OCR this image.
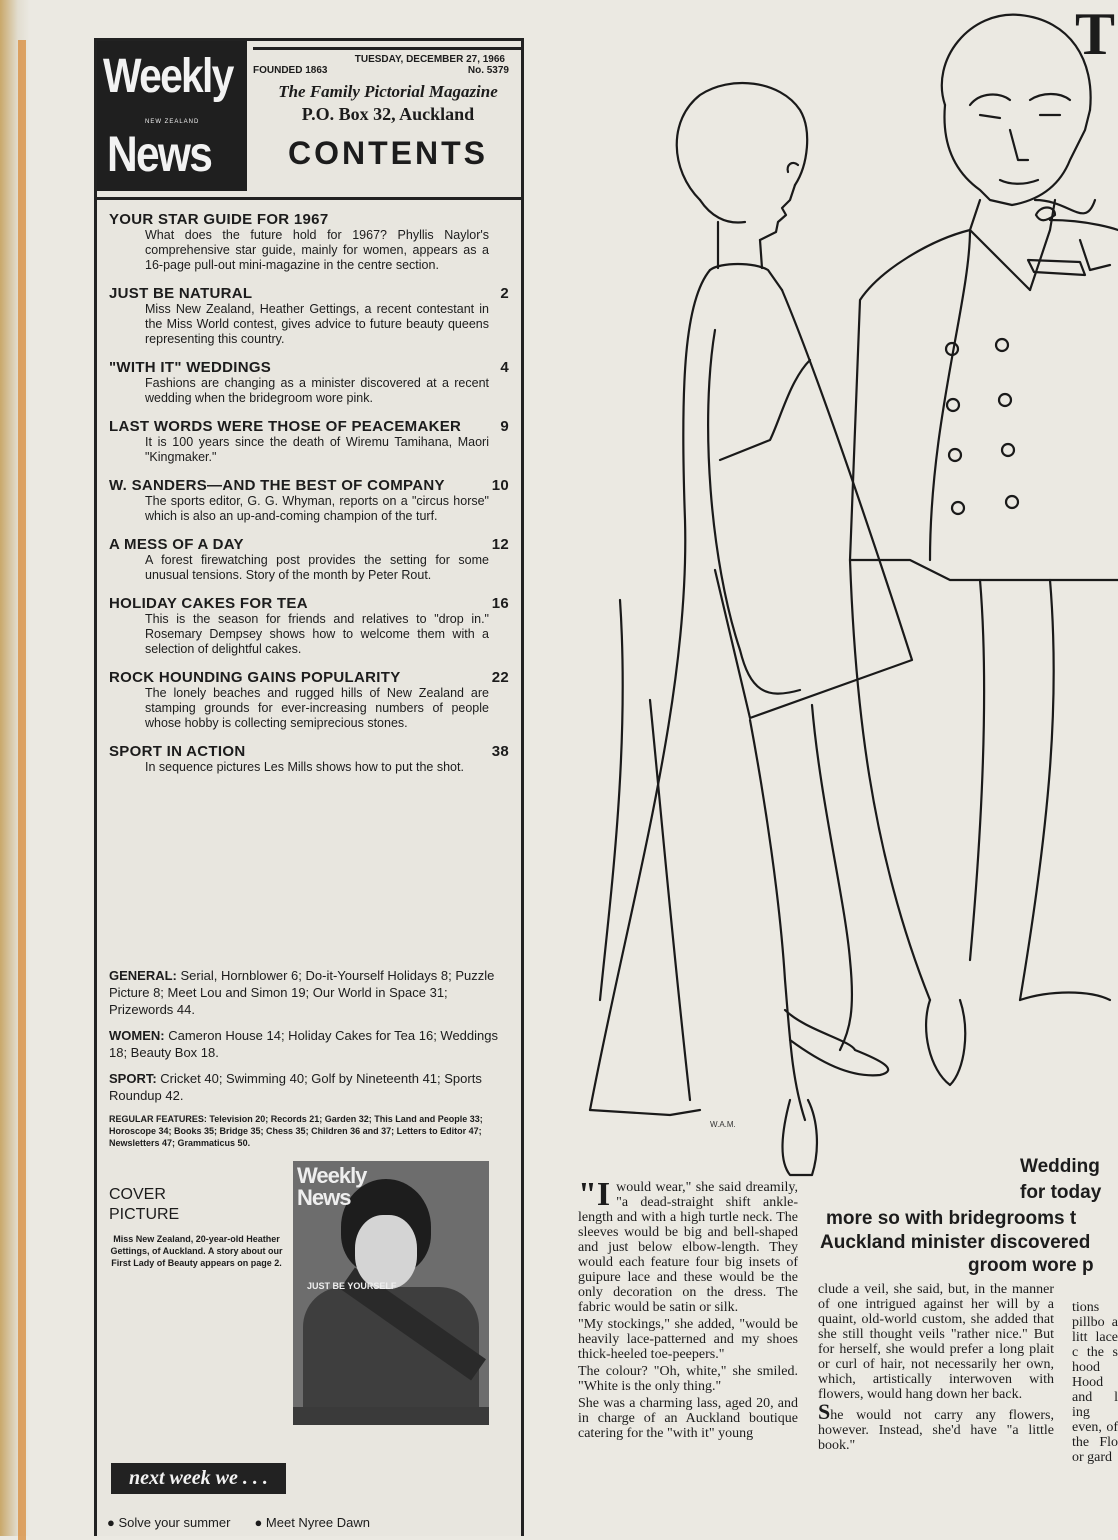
Weekly
NEW ZEALAND
News
TUESDAY, DECEMBER 27, 1966
FOUNDED 1863	No. 5379
The Family Pictorial Magazine
P.O. Box 32, Auckland
CONTENTS
YOUR STAR GUIDE FOR 1967
What does the future hold for 1967? Phyllis Naylor's comprehensive star guide, mainly for women, appears as a 16-page pull-out mini-magazine in the centre section.
JUST BE NATURAL	2
Miss New Zealand, Heather Gettings, a recent contestant in the Miss World contest, gives advice to future beauty queens representing this country.
"WITH IT" WEDDINGS	4
Fashions are changing as a minister discovered at a recent wedding when the bridegroom wore pink.
LAST WORDS WERE THOSE OF PEACEMAKER	9
It is 100 years since the death of Wiremu Tamihana, Maori "Kingmaker."
W. SANDERS—AND THE BEST OF COMPANY	10
The sports editor, G. G. Whyman, reports on a "circus horse" which is also an up-and-coming champion of the turf.
A MESS OF A DAY	12
A forest firewatching post provides the setting for some unusual tensions. Story of the month by Peter Rout.
HOLIDAY CAKES FOR TEA	16
This is the season for friends and relatives to "drop in." Rosemary Dempsey shows how to welcome them with a selection of delightful cakes.
ROCK HOUNDING GAINS POPULARITY	22
The lonely beaches and rugged hills of New Zealand are stamping grounds for ever-increasing numbers of people whose hobby is collecting semiprecious stones.
SPORT IN ACTION	38
In sequence pictures Les Mills shows how to put the shot.

GENERAL: Serial, Hornblower 6; Do-it-Yourself Holidays 8; Puzzle Picture 8; Meet Lou and Simon 19; Our World in Space 31; Prizewords 44.

WOMEN: Cameron House 14; Holiday Cakes for Tea 16; Weddings 18; Beauty Box 18.

SPORT: Cricket 40; Swimming 40; Golf by Nineteenth 41; Sports Roundup 42.

REGULAR FEATURES: Television 20; Records 21; Garden 32; This Land and People 33; Horoscope 34; Books 35; Bridge 35; Chess 35; Children 36 and 37; Letters to Editor 47; Newsletters 47; Grammaticus 50.

COVER
PICTURE
Miss New Zealand, 20-year-old Heather Gettings, of Auckland. A story about our First Lady of Beauty appears on page 2.
Weekly
News
JUST BE YOURSELF
next week we . . .
● Solve your summer ● Meet Nyree Dawn
W.A.M.
T
Wedding
for today
more so with bridegrooms t
Auckland minister discovered
groom wore p
"I would wear," she said dreamily, "a dead-straight shift ankle-length and with a high turtle neck. The sleeves would be big and bell-shaped and just below elbow-length. They would each feature four big insets of guipure lace and these would be the only decoration on the dress. The fabric would be satin or silk.

"My stockings," she added, "would be heavily lace-patterned and my shoes thick-heeled toe-peepers."

The colour? "Oh, white," she smiled. "White is the only thing."

She was a charming lass, aged 20, and in charge of an Auckland boutique catering for the "with it" young

clude a veil, she said, but, in the manner of one intrigued against her will by a quaint, old-world custom, she added that she still thought veils "rather nice." But for herself, she would prefer a long plait or curl of hair, not necessarily her own, which, artistically interwoven with flowers, would hang down her back.

She would not carry any flowers, however. Instead, she'd have "a little book."

tions pillbo a litt lace c the s hood Hood and l ing even, of the Flo or gard
